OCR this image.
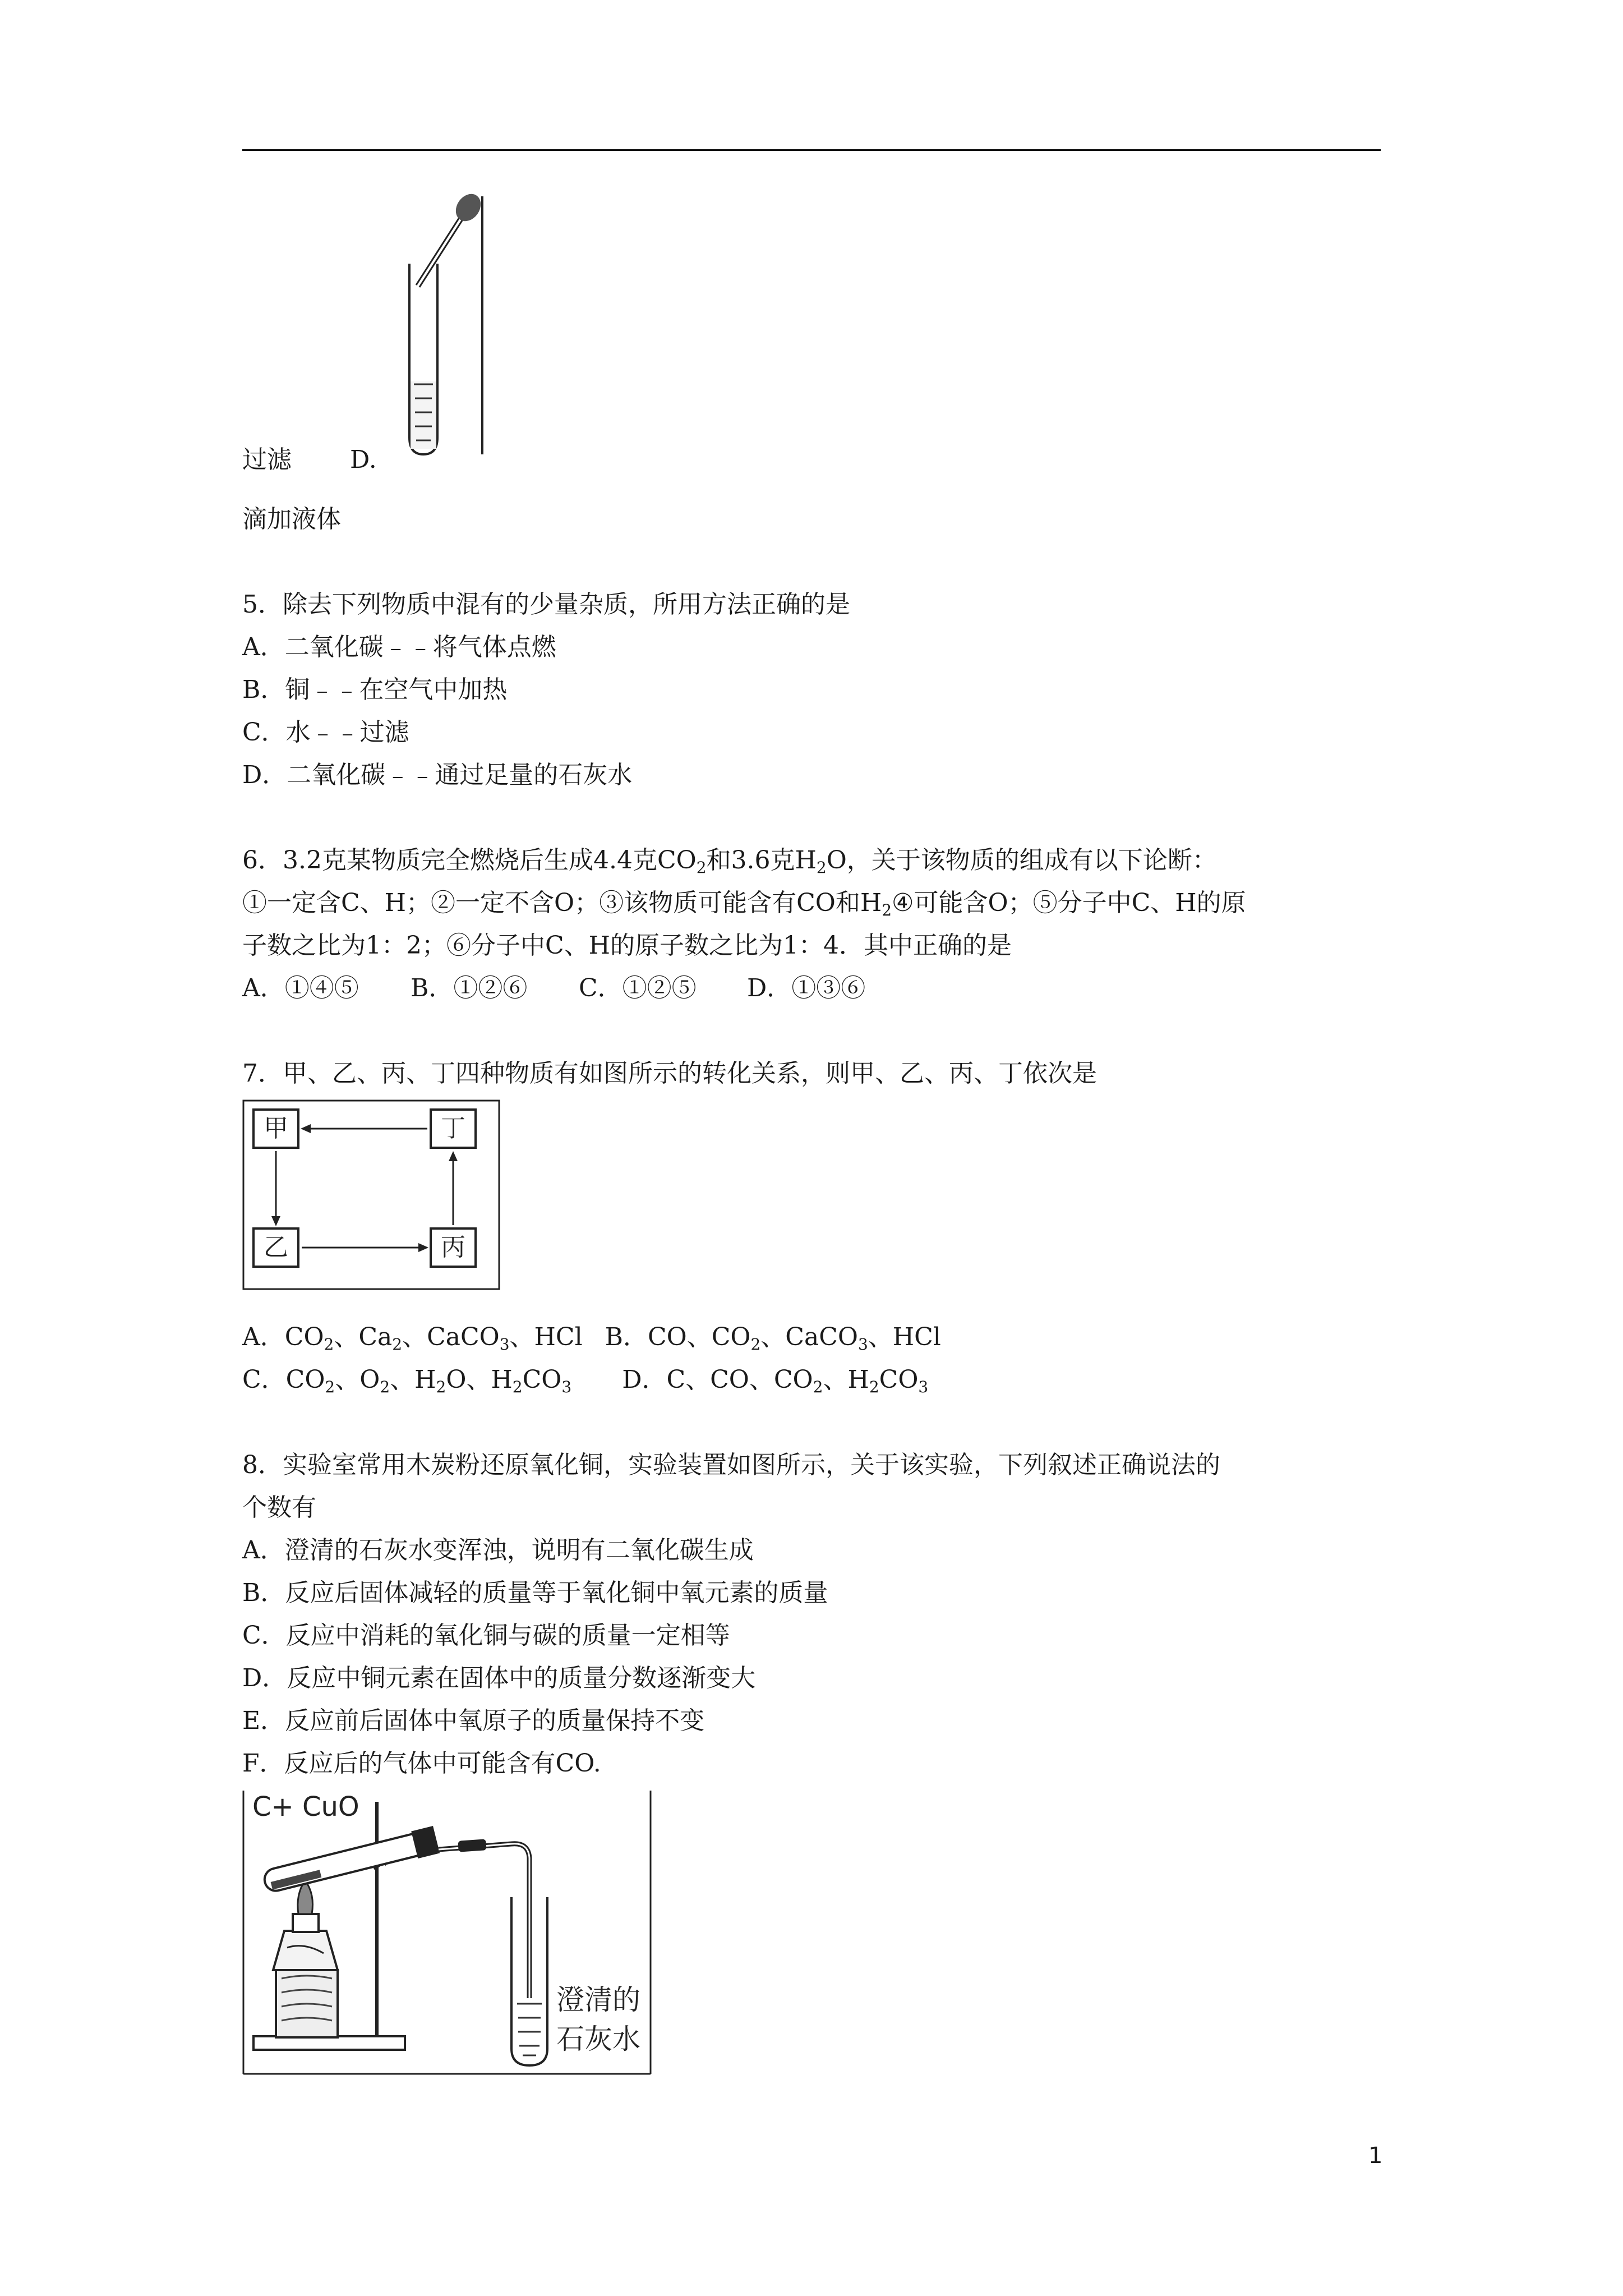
过滤 D.
滴加液体
5．除去下列物质中混有的少量杂质，所用方法正确的是
A．二氧化碳﹣﹣将气体点燃
B．铜﹣﹣在空气中加热
C．水﹣﹣过滤
D．二氧化碳﹣﹣通过足量的石灰水
6．3.2克某物质完全燃烧后生成4.4克$CO_2$和3.6克$H_2O$，关于该物质的组成有以下论断：
①一定含C、H；②一定不含O；③该物质可能含有CO和$H_2④$可能含O；⑤分子中C、H的原
子数之比为1：2；⑥分子中C、H的原子数之比为1：4．其中正确的是
A．①④⑤ B．①②⑥ C．①②⑤ D．①③⑥
7．甲、乙、丙、丁四种物质有如图所示的转化关系，则甲、乙、丙、丁依次是
甲	丁
乙	丙
A．$CO_2$、$Ca_2$、CaCO$_3$、HCl B．CO、$CO_2$、CaCO$_3$、HCl
C．$CO_2$、$O_2$、$H_2O$、$H_2CO_3$ D．C、CO、$CO_2$、$H_2CO_3$
8．实验室常用木炭粉还原氧化铜，实验装置如图所示，关于该实验，下列叙述正确说法的
个数有
A．澄清的石灰水变浑浊，说明有二氧化碳生成
B．反应后固体减轻的质量等于氧化铜中氧元素的质量
C．反应中消耗的氧化铜与碳的质量一定相等
D．反应中铜元素在固体中的质量分数逐渐变大
E．反应前后固体中氧原子的质量保持不变
F．反应后的气体中可能含有CO.
C+ CuO
澄清的
石灰水
1
